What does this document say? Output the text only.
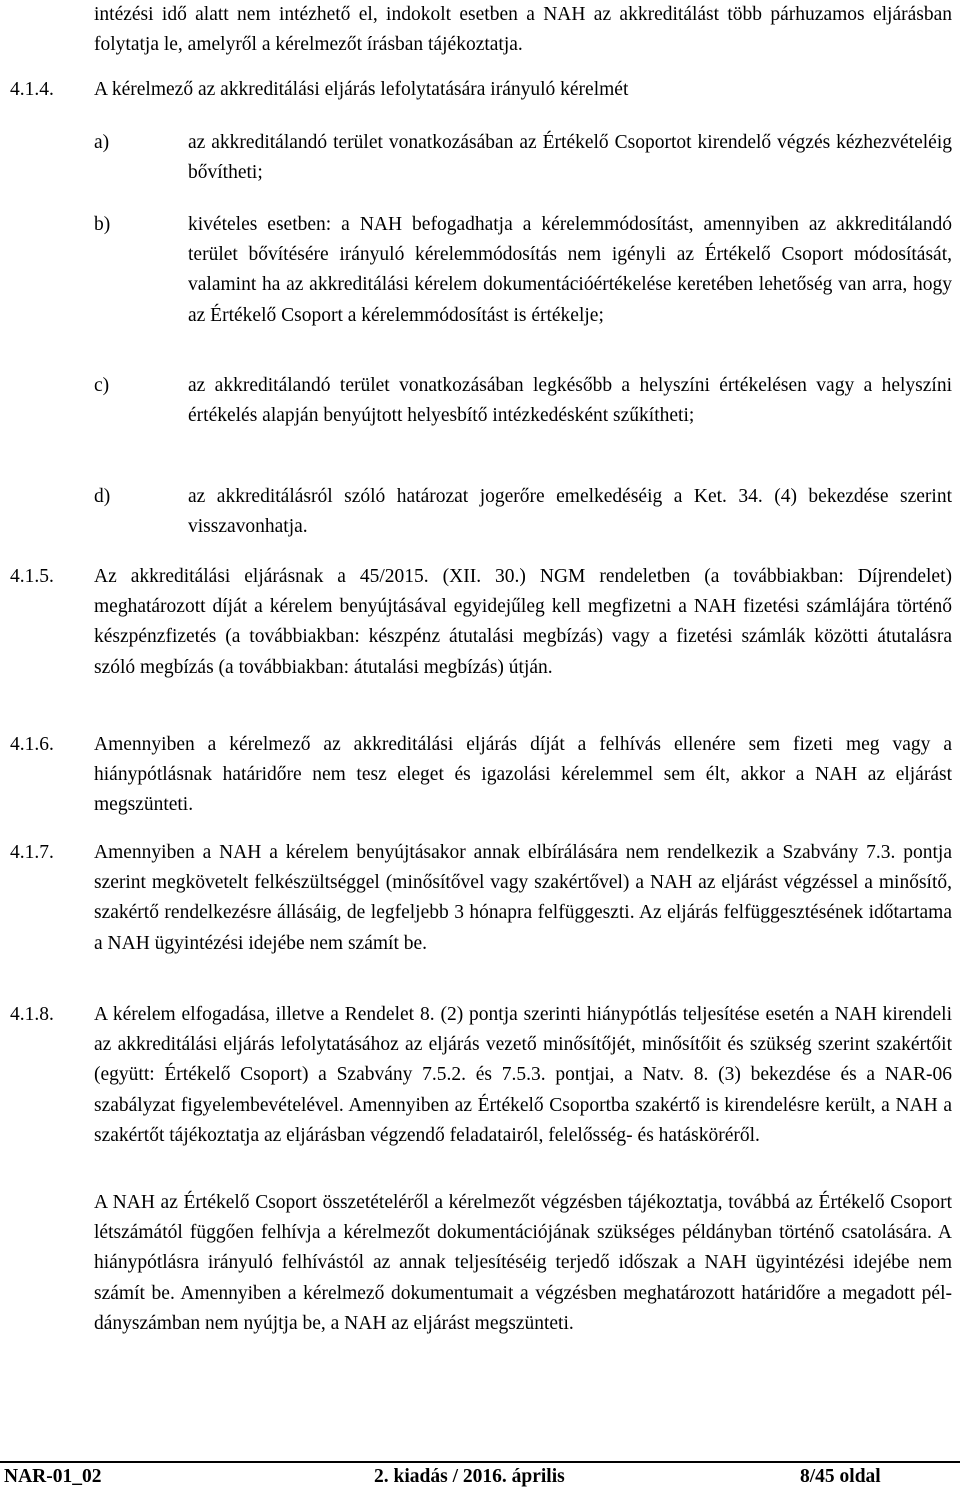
intézési idő alatt nem intézhető el, indokolt esetben a NAH az akkreditálást több párhuzamos eljárásban folytatja le, amelyről a kérelmezőt írásban tájékoztatja.
4.1.4. A kérelmező az akkreditálási eljárás lefolytatására irányuló kérelmét
a)	az akkreditálandó terület vonatkozásában az Értékelő Csoportot kirendelő végzés kézhezvételéig bővítheti;
b)	kivételes esetben: a NAH befogadhatja a kérelemmódosítást, amennyiben az akkreditálandó terület bővítésére irányuló kérelemmódosítás nem igényli az Értékelő Csoport módosítását, valamint ha az akkreditálási kérelem dokumentációértékelése keretében lehetőség van arra, hogy az Értékelő Csoport a kérelemmódosítást is értékelje;
c)	az akkreditálandó terület vonatkozásában legkésőbb a helyszíni értékelésen vagy a helyszíni értékelés alapján benyújtott helyesbítő intézkedésként szűkítheti;
d)	az akkreditálásról szóló határozat jogerőre emelkedéséig a Ket. 34. (4) bekezdése szerint visszavonhatja.
4.1.5. Az akkreditálási eljárásnak a 45/2015. (XII. 30.) NGM rendeletben (a továbbiakban: Díjrendelet) meghatározott díját a kérelem benyújtásával egyidejűleg kell megfizetni a NAH fizetési számlájára történő készpénzfizetés (a továbbiakban: készpénz átutalási megbízás) vagy a fizetési számlák közötti átutalásra szóló megbízás (a továbbiakban: átutalási megbízás) útján.
4.1.6. Amennyiben a kérelmező az akkreditálási eljárás díját a felhívás ellenére sem fizeti meg vagy a hiánypótlásnak határidőre nem tesz eleget és igazolási kérelemmel sem élt, akkor a NAH az eljárást megszünteti.
4.1.7. Amennyiben a NAH a kérelem benyújtásakor annak elbírálására nem rendelkezik a Szabvány 7.3. pontja szerint megkövetelt felkészültséggel (minősítővel vagy szakértővel) a NAH az eljárást végzéssel a minősítő, szakértő rendelkezésre állásáig, de legfeljebb 3 hónapra felfüggeszti. Az eljárás felfüggesztésének időtartama a NAH ügyintézési idejébe nem számít be.
4.1.8. A kérelem elfogadása, illetve a Rendelet 8. (2) pontja szerinti hiánypótlás teljesítése esetén a NAH kirendeli az akkreditálási eljárás lefolytatásához az eljárás vezető minősítőjét, minősítőit és szükség szerint szakértőit (együtt: Értékelő Csoport) a Szabvány 7.5.2. és 7.5.3. pontjai, a Natv. 8. (3) bekezdése és a NAR-06 szabályzat figyelembevételével. Amennyiben az Értékelő Csoportba szakértő is kirendelésre került, a NAH a szakértőt tájékoztatja az eljárásban végzendő feladatairól, felelősség- és hatásköréről.
A NAH az Értékelő Csoport összetételéről a kérelmezőt végzésben tájékoztatja, továbbá az Értékelő Csoport létszámától függően felhívja a kérelmezőt dokumentációjának szükséges példányban történő csatolására. A hiánypótlásra irányuló felhívástól az annak teljesítéséig terjedő időszak a NAH ügyintézési idejébe nem számít be. Amennyiben a kérelmező dokumentumait a végzésben meghatározott határidőre a megadott példányszámban nem nyújtja be, a NAH az eljárást megszünteti.
NAR-01_02	2. kiadás / 2016. április	8/45 oldal
